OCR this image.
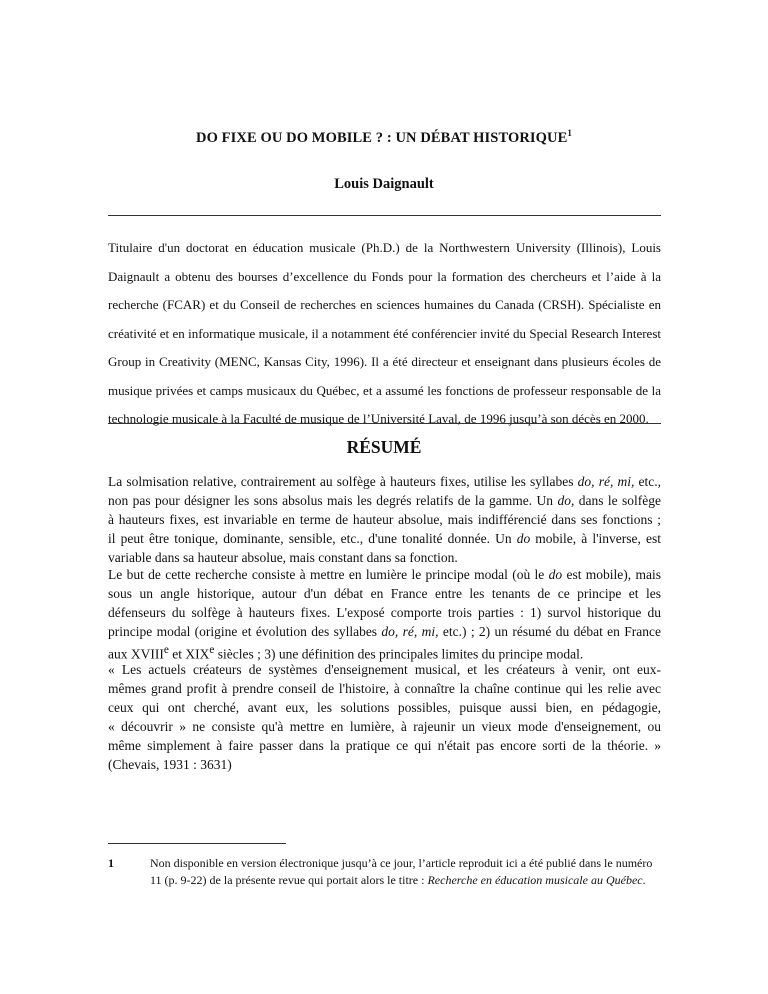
DO FIXE OU DO MOBILE ? : UN DÉBAT HISTORIQUE$^1$
Louis Daignault
Titulaire d'un doctorat en éducation musicale (Ph.D.) de la Northwestern University (Illinois), Louis
Daignault a obtenu des bourses d’excellence du Fonds pour la formation des chercheurs et l’aide à la
recherche (FCAR) et du Conseil de recherches en sciences humaines du Canada (CRSH). Spécialiste en
créativité et en informatique musicale, il a notamment été conférencier invité du Special Research Interest
Group in Creativity (MENC, Kansas City, 1996). Il a été directeur et enseignant dans plusieurs écoles de
musique privées et camps musicaux du Québec, et a assumé les fonctions de professeur responsable de la
technologie musicale à la Faculté de musique de l’Université Laval, de 1996 jusqu’à son décès en 2000.
RÉSUMÉ
La solmisation relative, contrairement au solfège à hauteurs fixes, utilise les syllabes do, ré, mi, etc.,
non pas pour désigner les sons absolus mais les degrés relatifs de la gamme. Un do, dans le solfège
à hauteurs fixes, est invariable en terme de hauteur absolue, mais indifférencié dans ses fonctions ;
il peut être tonique, dominante, sensible, etc., d'une tonalité donnée. Un do mobile, à l'inverse, est
variable dans sa hauteur absolue, mais constant dans sa fonction.
Le but de cette recherche consiste à mettre en lumière le principe modal (où le do est mobile), mais
sous un angle historique, autour d'un débat en France entre les tenants de ce principe et les
défenseurs du solfège à hauteurs fixes. L'exposé comporte trois parties : 1) survol historique du
principe modal (origine et évolution des syllabes do, ré, mi, etc.) ; 2) un résumé du débat en France
aux XVIIIe et XIXe siècles ; 3) une définition des principales limites du principe modal.
« Les actuels créateurs de systèmes d'enseignement musical, et les créateurs à venir, ont eux-
mêmes grand profit à prendre conseil de l'histoire, à connaître la chaîne continue qui les relie avec
ceux qui ont cherché, avant eux, les solutions possibles, puisque aussi bien, en pédagogie,
« découvrir » ne consiste qu'à mettre en lumière, à rajeunir un vieux mode d'enseignement, ou
même simplement à faire passer dans la pratique ce qui n'était pas encore sorti de la théorie. »
(Chevais, 1931 : 3631)
1	Non disponible en version électronique jusqu’à ce jour, l’article reproduit ici a été publié dans le numéro
11 (p. 9-22) de la présente revue qui portait alors le titre : Recherche en éducation musicale au Québec.
